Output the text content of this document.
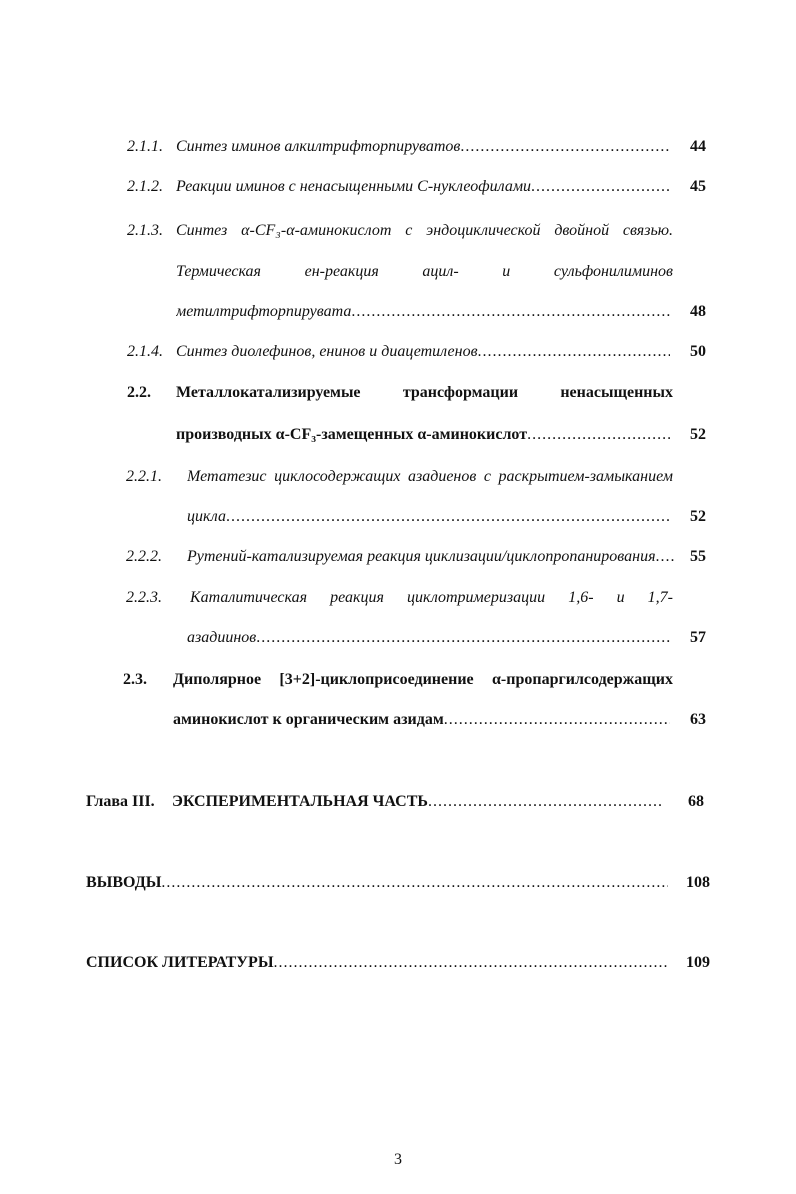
2.1.1. Синтез иминов алкилтрифторпируватов .....	44
2.1.2. Реакции иминов с ненасыщенными С-нуклеофилами .....	45
2.1.3. Синтез α-CF₃-α-аминокислот с эндоциклической двойной связью.
Термическая ен-реакция ацил- и сульфонилиминов
метилтрифторпирувата .....	48
2.1.4. Синтез диолефинов, енинов и диацетиленов .....	50
2.2. Металлокатализируемые трансформации ненасыщенных
производных α-CF₃-замещенных α-аминокислот .....	52
2.2.1. Метатезис циклосодержащих азадиенов с раскрытием-замыканием
цикла .....	52
2.2.2. Рутений-катализируемая реакция циклизации/циклопропанирования ..... 55
2.2.3. Каталитическая реакция циклотримеризации 1,6- и 1,7-
азадиинов .....	57
2.3. Диполярное [3+2]-циклоприсоединение α-пропаргилсодержащих
аминокислот к органическим азидам .....	63
Глава III. ЭКСПЕРИМЕНТАЛЬНАЯ ЧАСТЬ .....	68
ВЫВОДЫ .....	108
СПИСОК ЛИТЕРАТУРЫ .....	109
3
